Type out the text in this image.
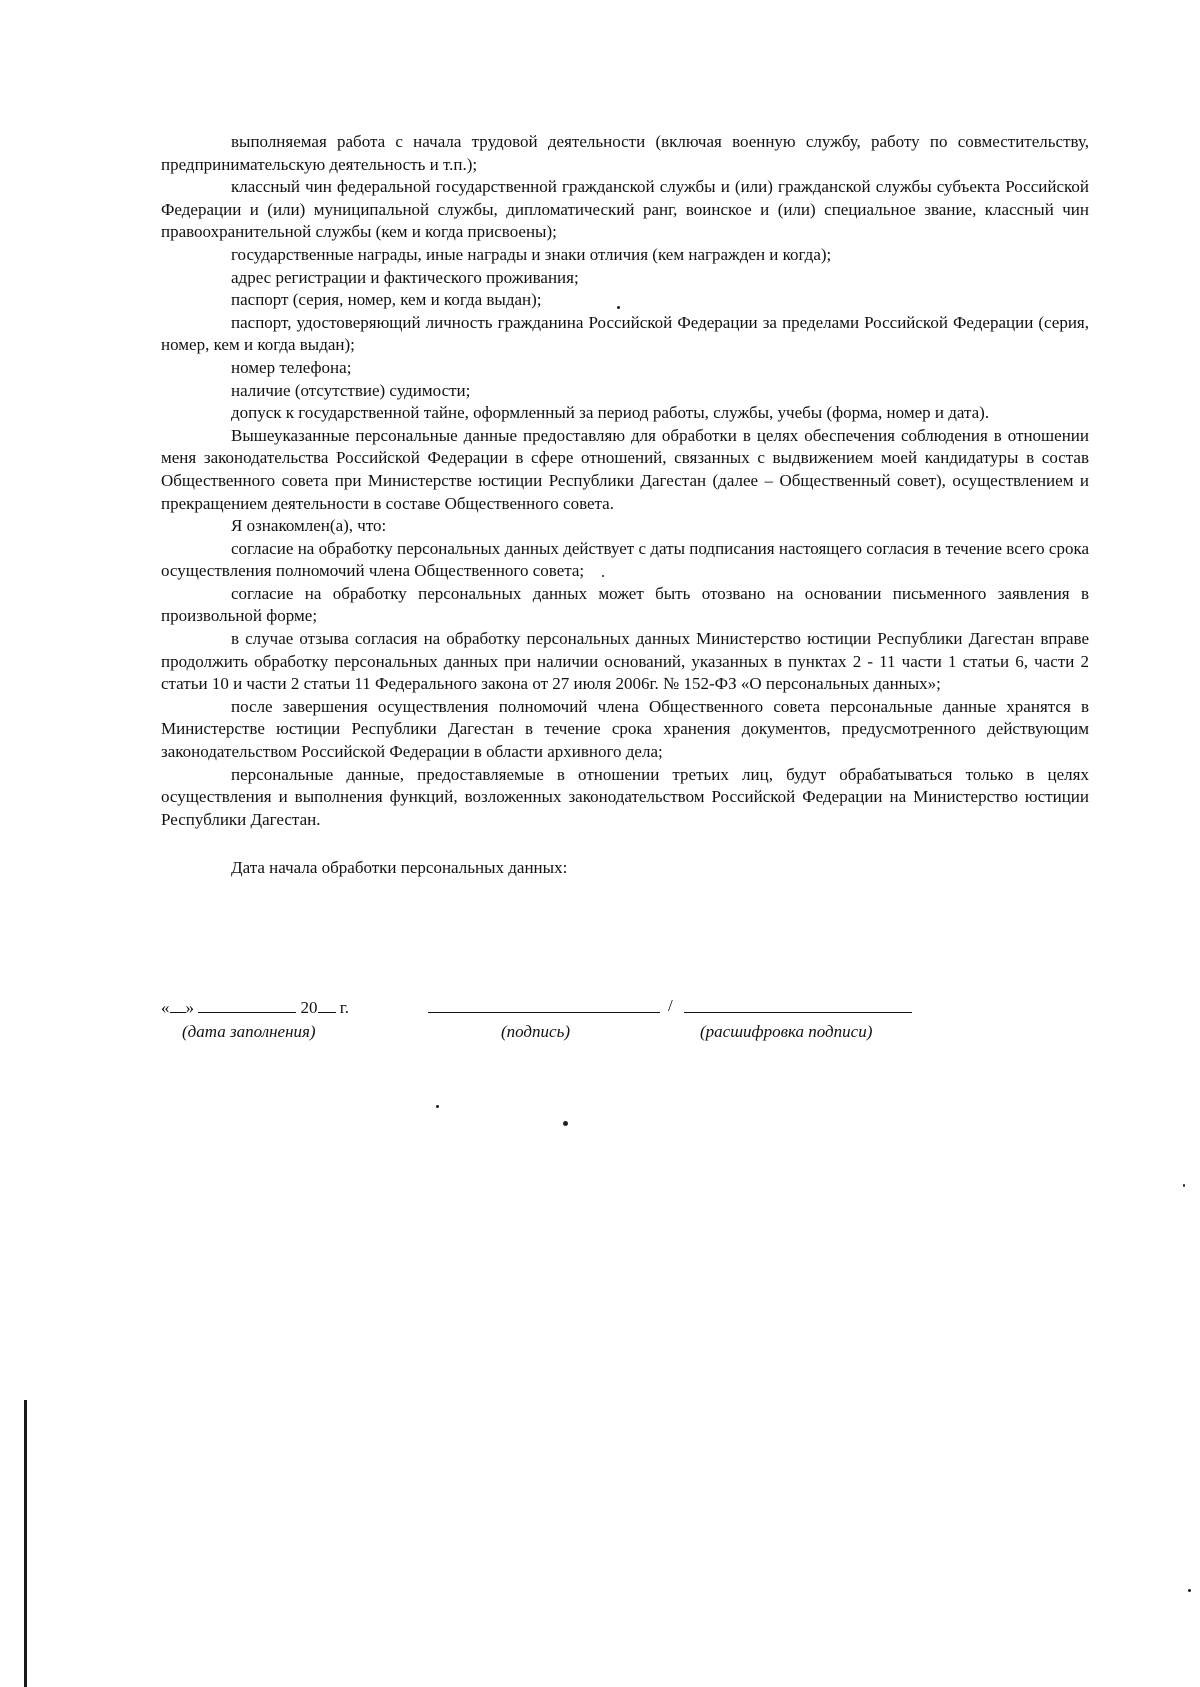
выполняемая работа с начала трудовой деятельности (включая военную службу, работу по совместительству, предпринимательскую деятельность и т.п.);

классный чин федеральной государственной гражданской службы и (или) гражданской службы субъекта Российской Федерации и (или) муниципальной службы, дипломатический ранг, воинское и (или) специальное звание, классный чин правоохранительной службы (кем и когда присвоены);

государственные награды, иные награды и знаки отличия (кем награжден и когда);

адрес регистрации и фактического проживания;

паспорт (серия, номер, кем и когда выдан);

паспорт, удостоверяющий личность гражданина Российской Федерации за пределами Российской Федерации (серия, номер, кем и когда выдан);

номер телефона;

наличие (отсутствие) судимости;

допуск к государственной тайне, оформленный за период работы, службы, учебы (форма, номер и дата).

Вышеуказанные персональные данные предоставляю для обработки в целях обеспечения соблюдения в отношении меня законодательства Российской Федерации в сфере отношений, связанных с выдвижением моей кандидатуры в состав Общественного совета при Министерстве юстиции Республики Дагестан (далее – Общественный совет), осуществлением и прекращением деятельности в составе Общественного совета.

Я ознакомлен(а), что:

согласие на обработку персональных данных действует с даты подписания настоящего согласия в течение всего срока осуществления полномочий члена Общественного совета;

согласие на обработку персональных данных может быть отозвано на основании письменного заявления в произвольной форме;

в случае отзыва согласия на обработку персональных данных Министерство юстиции Республики Дагестан вправе продолжить обработку персональных данных при наличии оснований, указанных в пунктах 2 - 11 части 1 статьи 6, части 2 статьи 10 и части 2 статьи 11 Федерального закона от 27 июля 2006г. № 152-ФЗ «О персональных данных»;

после завершения осуществления полномочий члена Общественного совета персональные данные хранятся в Министерстве юстиции Республики Дагестан в течение срока хранения документов, предусмотренного действующим законодательством Российской Федерации в области архивного дела;

персональные данные, предоставляемые в отношении третьих лиц, будут обрабатываться только в целях осуществления и выполнения функций, возложенных законодательством Российской Федерации на Министерство юстиции Республики Дагестан.

Дата начала обработки персональных данных:

« »	20 г.	/
(дата заполнения)	(подпись)	(расшифровка подписи)
